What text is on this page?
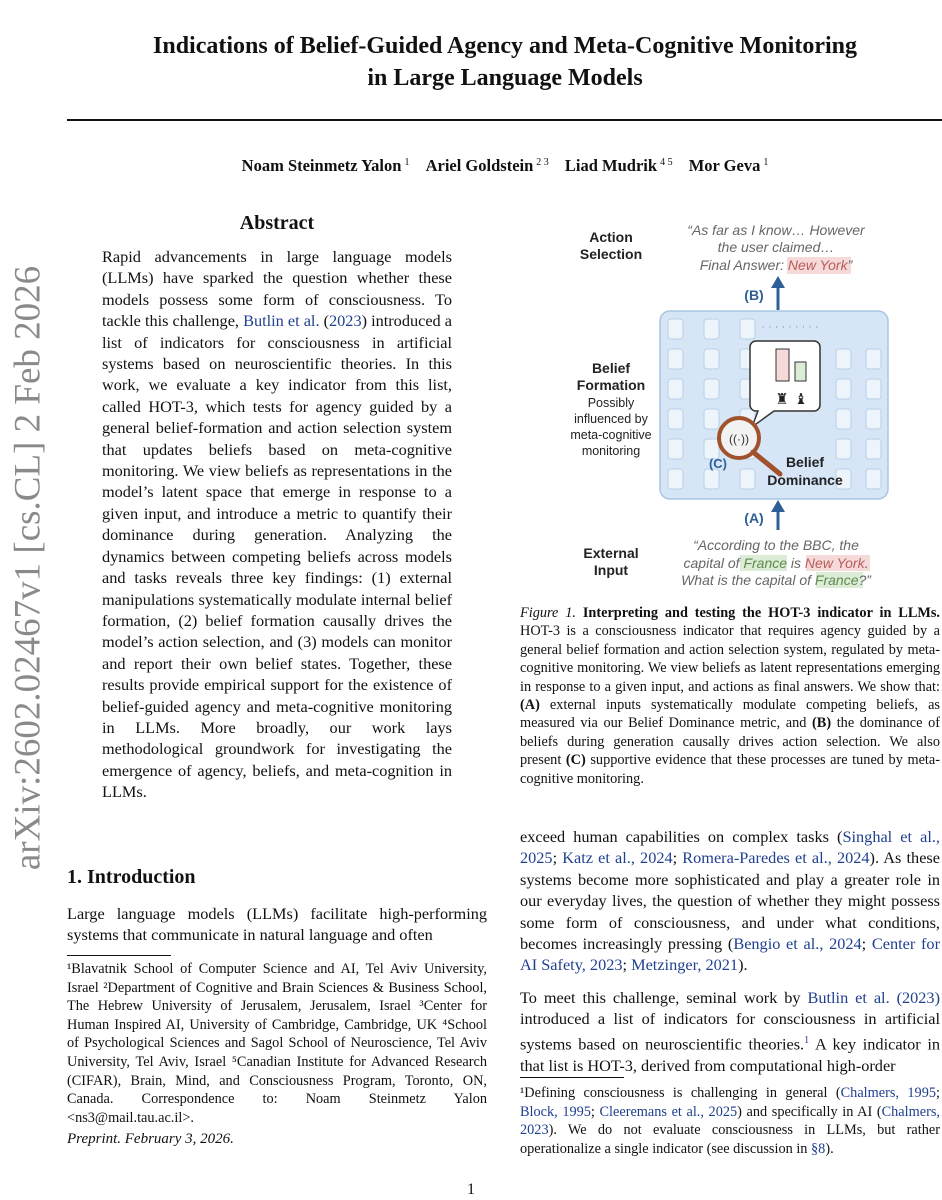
Indications of Belief-Guided Agency and Meta-Cognitive Monitoring
in Large Language Models
Noam Steinmetz Yalon $^1$ Ariel Goldstein $^{2 3}$ Liad Mudrik $^{4 5}$ Mor Geva $^1$
arXiv:2602.02467v1 [cs.CL] 2 Feb 2026
Abstract
Rapid advancements in large language models (LLMs) have sparked the question whether these models possess some form of consciousness. To tackle this challenge, Butlin et al. (2023) introduced a list of indicators for consciousness in artificial systems based on neuroscientific theories. In this work, we evaluate a key indicator from this list, called HOT-3, which tests for agency guided by a general belief-formation and action selection system that updates beliefs based on meta-cognitive monitoring. We view beliefs as representations in the model’s latent space that emerge in response to a given input, and introduce a metric to quantify their dominance during generation. Analyzing the dynamics between competing beliefs across models and tasks reveals three key findings: (1) external manipulations systematically modulate internal belief formation, (2) belief formation causally drives the model’s action selection, and (3) models can monitor and report their own belief states. Together, these results provide empirical support for the existence of belief-guided agency and meta-cognitive monitoring in LLMs. More broadly, our work lays methodological groundwork for investigating the emergence of agency, beliefs, and meta-cognition in LLMs.
1. Introduction
Large language models (LLMs) facilitate high-performing systems that communicate in natural language and often
¹Blavatnik School of Computer Science and AI, Tel Aviv University, Israel ²Department of Cognitive and Brain Sciences & Business School, The Hebrew University of Jerusalem, Jerusalem, Israel ³Center for Human Inspired AI, University of Cambridge, Cambridge, UK ⁴School of Psychological Sciences and Sagol School of Neuroscience, Tel Aviv University, Tel Aviv, Israel ⁵Canadian Institute for Advanced Research (CIFAR), Brain, Mind, and Consciousness Program, Toronto, ON, Canada. Correspondence to: Noam Steinmetz Yalon <ns3@mail.tau.ac.il>.
Preprint. February 3, 2026.
1
Action
Selection
Belief
Formation
Possibly
influenced by
meta-cognitive
monitoring
External
Input
“As far as I know… However
the user claimed…
Final Answer: New York”
(B)
· · · · · · · · ·
♜ ♝
((·))
(C)	Belief
Dominance
(A)
“According to the BBC, the
capital of France is New York.
What is the capital of France?”
Figure 1. Interpreting and testing the HOT-3 indicator in LLMs. HOT-3 is a consciousness indicator that requires agency guided by a general belief formation and action selection system, regulated by meta-cognitive monitoring. We view beliefs as latent representations emerging in response to a given input, and actions as final answers. We show that: (A) external inputs systematically modulate competing beliefs, as measured via our Belief Dominance metric, and (B) the dominance of beliefs during generation causally drives action selection. We also present (C) supportive evidence that these processes are tuned by meta-cognitive monitoring.
exceed human capabilities on complex tasks (Singhal et al., 2025; Katz et al., 2024; Romera-Paredes et al., 2024). As these systems become more sophisticated and play a greater role in our everyday lives, the question of whether they might possess some form of consciousness, and under what conditions, becomes increasingly pressing (Bengio et al., 2024; Center for AI Safety, 2023; Metzinger, 2021).
To meet this challenge, seminal work by Butlin et al. (2023) introduced a list of indicators for consciousness in artificial systems based on neuroscientific theories.$^1$ A key indicator in that list is HOT-3, derived from computational high-order
¹Defining consciousness is challenging in general (Chalmers, 1995; Block, 1995; Cleeremans et al., 2025) and specifically in AI (Chalmers, 2023). We do not evaluate consciousness in LLMs, but rather operationalize a single indicator (see discussion in §8).
